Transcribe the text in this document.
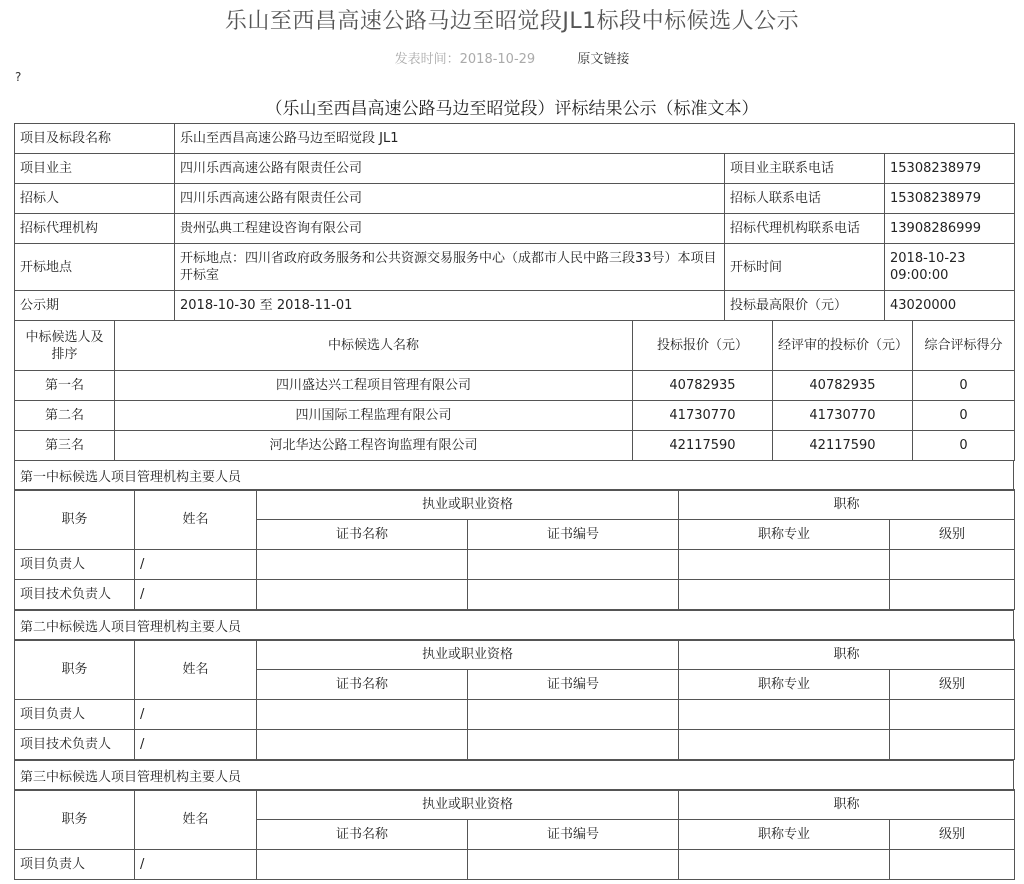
乐山至西昌高速公路马边至昭觉段JL1标段中标候选人公示
发表时间：2018-10-29	原文链接
?
（乐山至西昌高速公路马边至昭觉段）评标结果公示（标准文本）
项目及标段名称	乐山至西昌高速公路马边至昭觉段 JL1		
项目业主	四川乐西高速公路有限责任公司	项目业主联系电话	15308238979
招标人	四川乐西高速公路有限责任公司	招标人联系电话	15308238979
招标代理机构	贵州弘典工程建设咨询有限公司	招标代理机构联系电话	13908286999
开标地点	开标地点：四川省政府政务服务和公共资源交易服务中心（成都市人民中路三段33号）本项目开标室	开标时间	2018-10-23 09:00:00
公示期	2018-10-30 至 2018-11-01	投标最高限价（元）	43020000
中标候选人及排序	中标候选人名称	投标报价（元）	经评审的投标价（元）	综合评标得分
第一名	四川盛达兴工程项目管理有限公司	40782935	40782935	0
第二名	四川国际工程监理有限公司	41730770	41730770	0
第三名	河北华达公路工程咨询监理有限公司	42117590	42117590	0
第一中标候选人项目管理机构主要人员
职务	姓名	执业或职业资格		职称	
		证书名称	证书编号	职称专业	级别
项目负责人	/				
项目技术负责人	/				
第二中标候选人项目管理机构主要人员
职务	姓名	执业或职业资格		职称	
		证书名称	证书编号	职称专业	级别
项目负责人	/				
项目技术负责人	/				
第三中标候选人项目管理机构主要人员
职务	姓名	执业或职业资格		职称	
		证书名称	证书编号	职称专业	级别
项目负责人	/				
